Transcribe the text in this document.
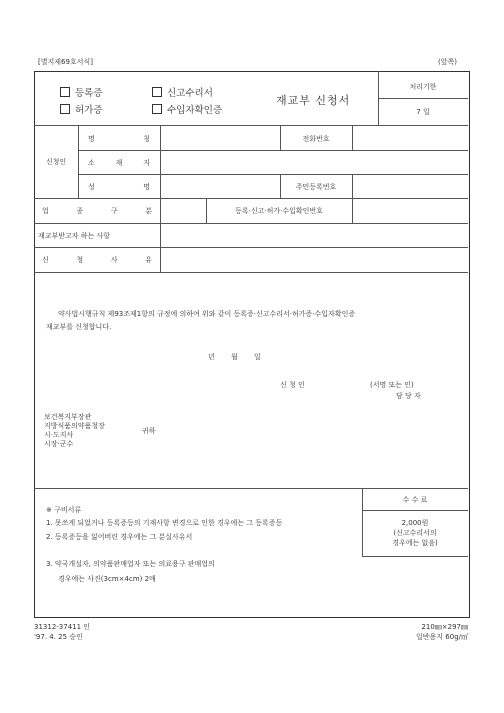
[별지제69호서식]	(앞쪽)
등록증	신고수리서
허가증	수입자확인증
재교부 신청서
처리기한
7 일
신청인
명 칭	전화번호
소 재 지
성 명	주민등록번호
업 종 구 분	등록·신고·허가·수입확인번호
재교부받고자 하는 사항
신 청 사 유
약사법시행규칙 제93조제1항의 규정에 의하여 위와 같이 등록증·신고수리서·허가증·수입자확인증
재교부를 신청합니다.
년 월 일
신 청 인	(서명 또는 인)
담 당 자
보건복지부장관
지방식품의약품청장
시·도지사
시장·군수
귀하
※ 구비서류
1. 못쓰게 되었거나 등록증등의 기재사항 변경으로 인한 경우에는 그 등록증등
2. 등록증등을 잃어버린 경우에는 그 분실사유서
3. 약국개설자, 의약품판매업자 또는 의료용구 판매업의
경우에는 사진(3cm×4cm) 2매
수 수 료
2,000원
(신고수리서의
경우에는 없음)
31312-37411 인
'97. 4. 25 승인
210㎜×297㎜
일반용지 60g/㎡
